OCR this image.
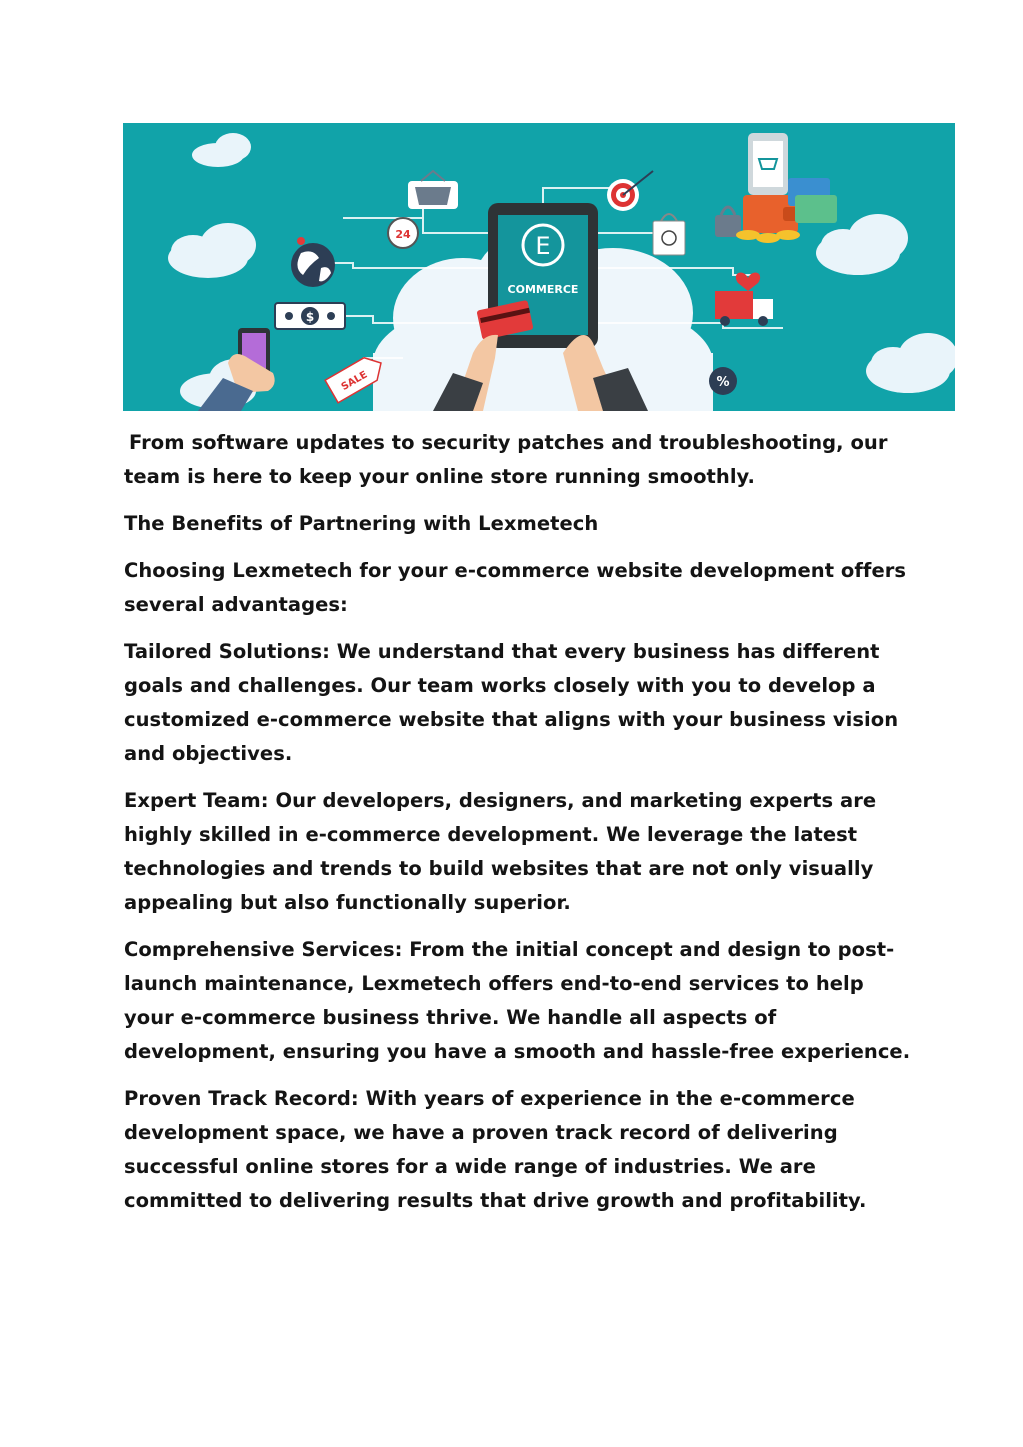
E
COMMERCE
24
$
SALE	%

From software updates to security patches and troubleshooting, our team is here to keep your online store running smoothly.

The Benefits of Partnering with Lexmetech

Choosing Lexmetech for your e-commerce website development offers several advantages:

Tailored Solutions: We understand that every business has different goals and challenges. Our team works closely with you to develop a customized e-commerce website that aligns with your business vision and objectives.

Expert Team: Our developers, designers, and marketing experts are highly skilled in e-commerce development. We leverage the latest technologies and trends to build websites that are not only visually appealing but also functionally superior.

Comprehensive Services: From the initial concept and design to post-launch maintenance, Lexmetech offers end-to-end services to help your e-commerce business thrive. We handle all aspects of development, ensuring you have a smooth and hassle-free experience.

Proven Track Record: With years of experience in the e-commerce development space, we have a proven track record of delivering successful online stores for a wide range of industries. We are committed to delivering results that drive growth and profitability.
